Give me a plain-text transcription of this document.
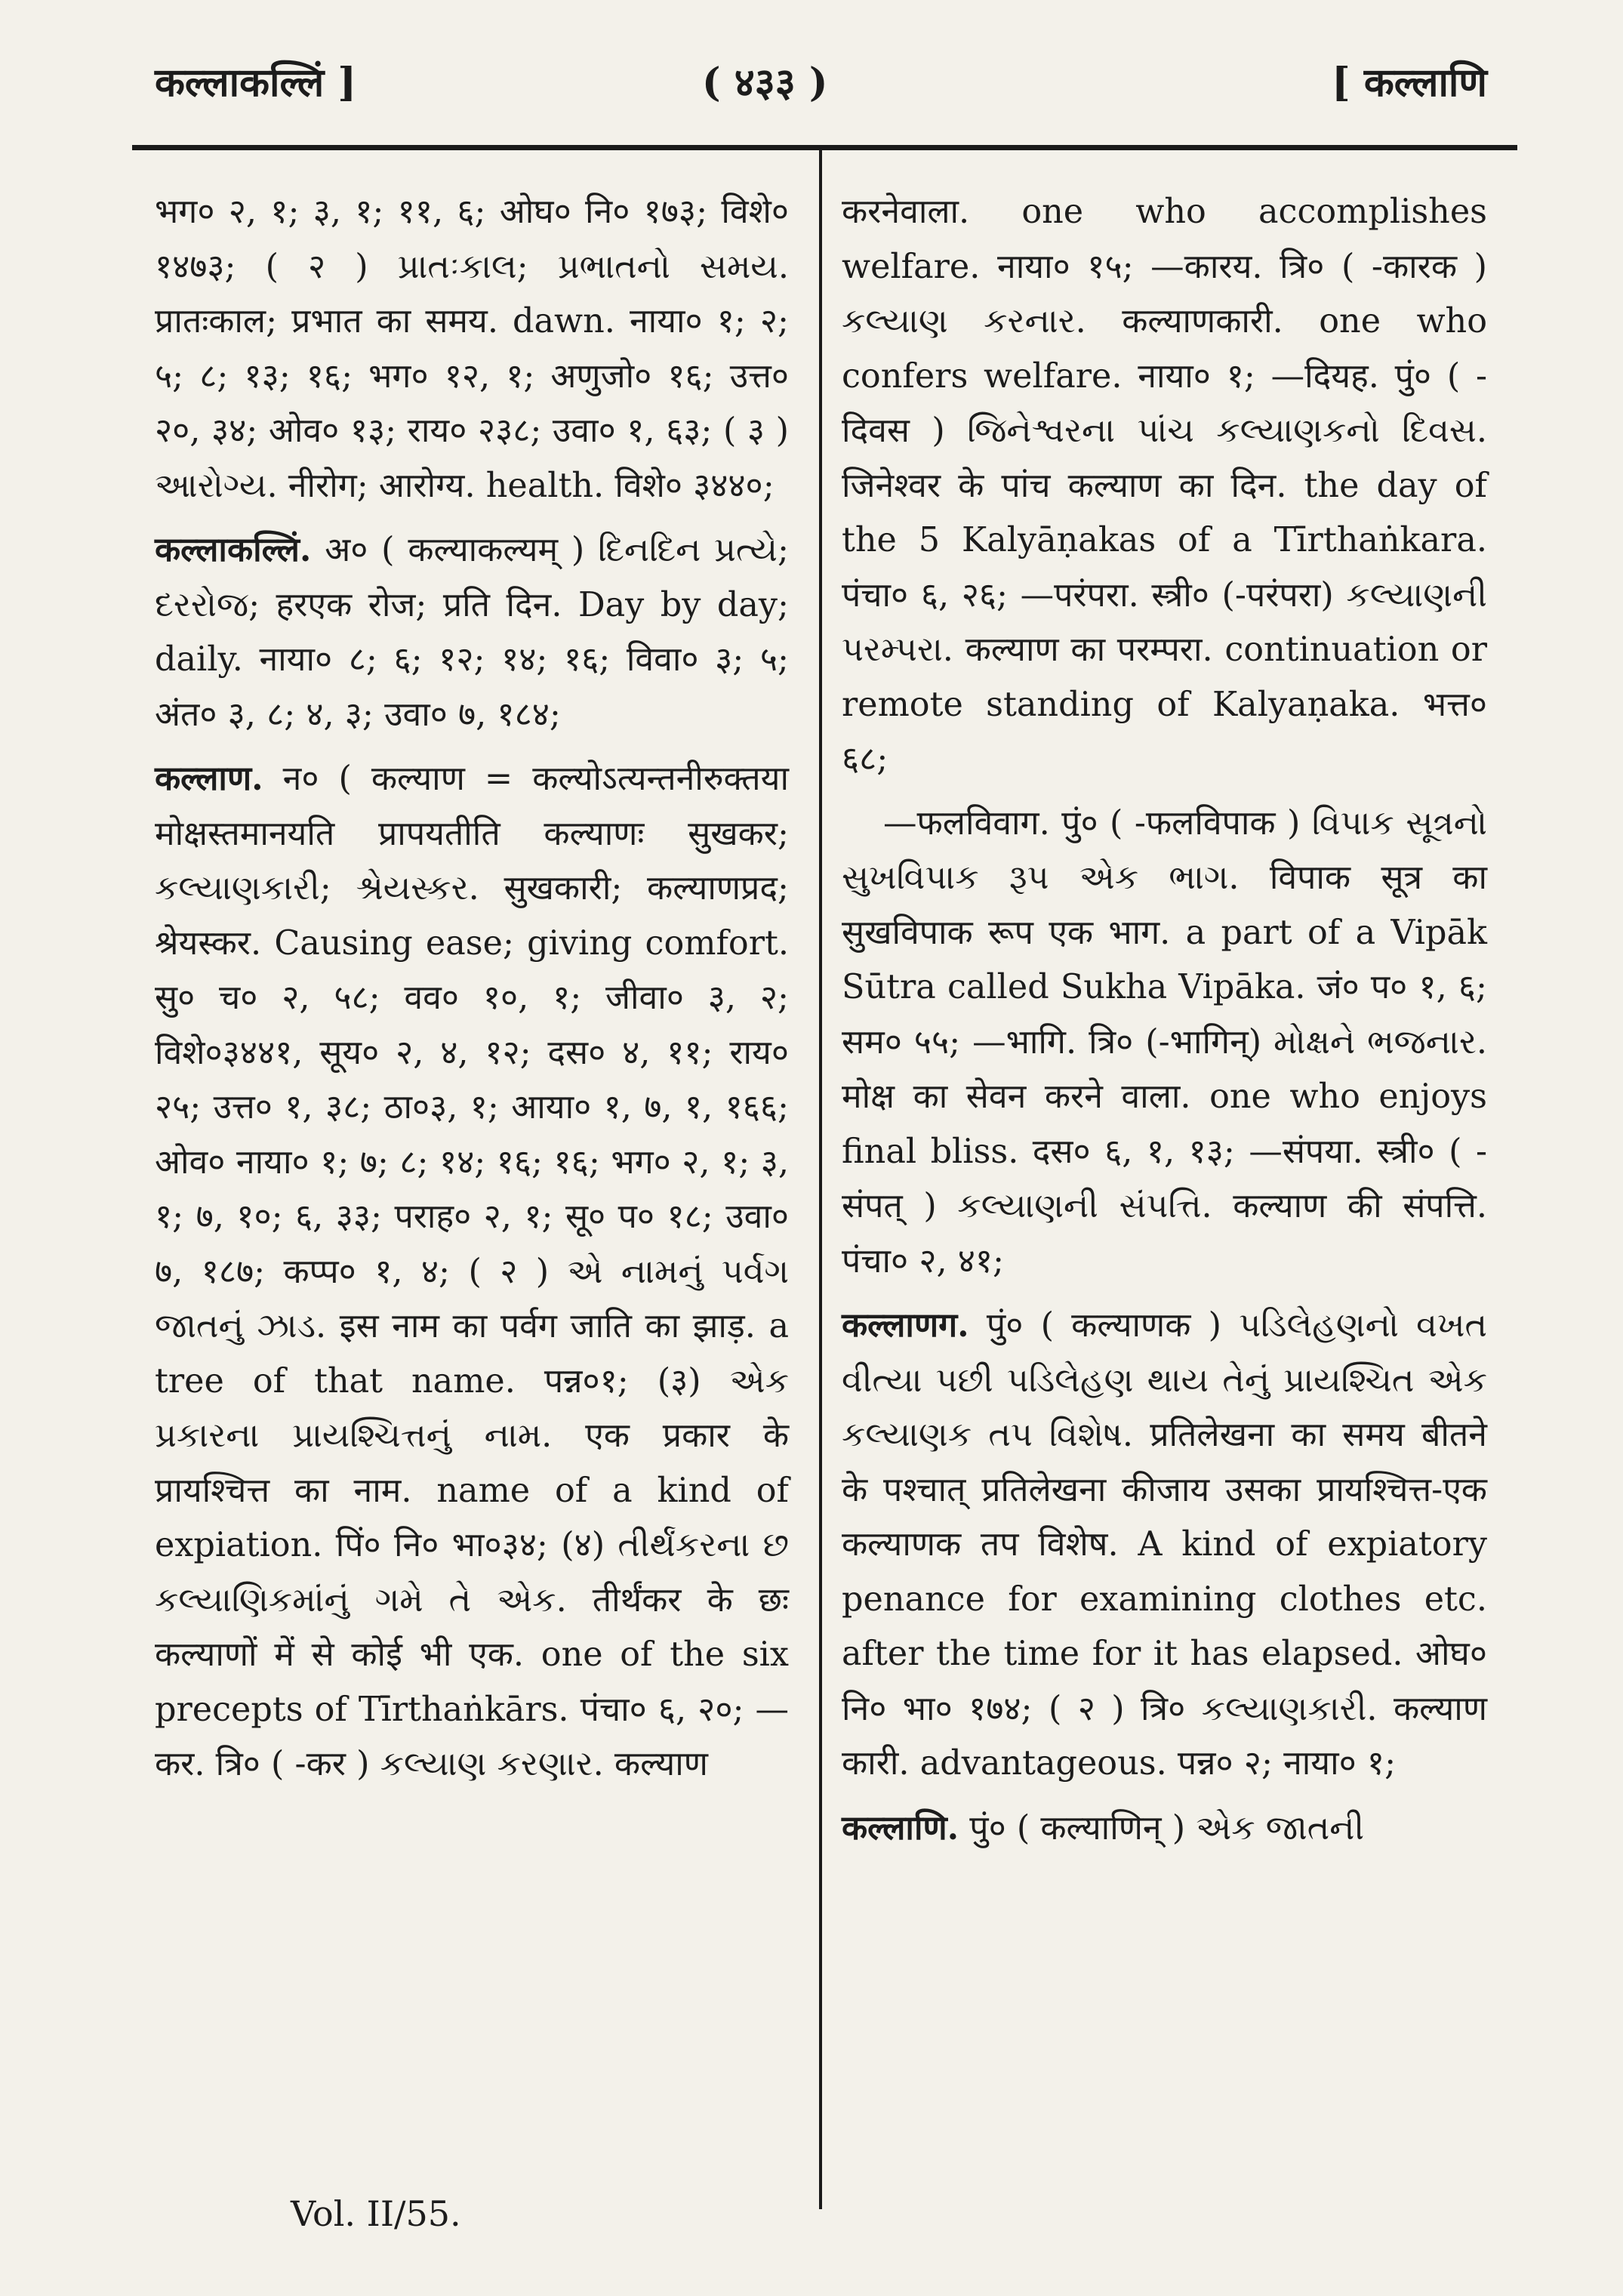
कल्लाकल्लिं ]	( ४३३ )	[ कल्लाणि

भग० २, १; ३, १; ११, ६; ओघ० नि० १७३; विशे० १४७३; ( २ ) પ્રાતઃકાલ; પ્રભાતનો સમય. प्रातःकाल; प्रभात का समय. dawn. नाया० १; २; ५; ८; १३; १६; भग० १२, १; अणुजो० १६; उत्त० २०, ३४; ओव० १३; राय० २३८; उवा० १, ६३; ( ३ ) આરોગ્ય. नीरोग; आरोग्य. health. विशे० ३४४०;

कल्लाकल्लिं. अ० ( कल्याकल्यम् ) દિનદિન પ્રત્યે; દરરોજ; हरएक रोज; प्रति दिन. Day by day; daily. नाया० ८; ६; १२; १४; १६; विवा० ३; ५; अंत० ३, ८; ४, ३; उवा० ७, १८४;

कल्लाण. न० ( कल्याण = कल्योऽत्यन्तनीरुक्तया मोक्षस्तमानयति प्रापयतीति कल्याणः सुखकर; કલ્યાણકારી; શ્રેયસ્કર. सुखकारी; कल्याणप्रद; श्रेयस्कर. Causing ease; giving comfort. सु० च० २, ५८; वव० १०, १; जीवा० ३, २; विशे०३४४१, सूय० २, ४, १२; दस० ४, ११; राय० २५; उत्त० १, ३८; ठा०३, १; आया० १, ७, १, १६६; ओव० नाया० १; ७; ८; १४; १६; १६; भग० २, १; ३, १; ७, १०; ६, ३३; पराह० २, १; सू० प० १८; उवा० ७, १८७; कप्प० १, ४; ( २ ) એ નામનું પર્વગ જાતનું ઝાડ. इस नाम का पर्वग जाति का झाड़. a tree of that name. पन्न०१; (३) એક પ્રકારના પ્રાયશ્ચિત્તનું નામ. एक प्रकार के प्रायश्चित्त का नाम. name of a kind of expiation. पिं० नि० भा०३४; (४) તીર્થંકરના છ કલ્યાણિકમાંનું ગમે તે એક. तीर्थंकर के छः कल्याणों में से कोई भी एक. one of the six precepts of Tīrthaṅkārs. पंचा० ६, २०; —कर. त्रि० ( -कर ) કલ્યાણ કરણાર. कल्याण

करनेवाला. one who accomplishes welfare. नाया० १५; —कारय. त्रि० ( -कारक ) કલ્યાણ કરનાર. कल्याणकारी. one who confers welfare. नाया० १; —दियह. पुं० ( -दिवस ) જિનેશ્વરના પાંચ કલ્યાણકનો દિવસ. जिनेश्वर के पांच कल्याण का दिन. the day of the 5 Kalyāṇakas of a Tīrthaṅkara. पंचा० ६, २६; —परंपरा. स्त्री० (-परंपरा) કલ્યાણની પરમ્પરા. कल्याण का परम्परा. continuation or remote standing of Kalyaṇaka. भत्त० ६८;

—फलविवाग. पुं० ( -फलविपाक ) વિપાક સૂત્રનો સુખવિપાક રૂપ એક ભાગ. विपाक सूत्र का सुखविपाक रूप एक भाग. a part of a Vipāk Sūtra called Sukha Vipāka. जं० प० १, ६; सम० ५५; —भागि. त्रि० (-भागिन्) મોક્ષને ભજનાર. मोक्ष का सेवन करने वाला. one who enjoys final bliss. दस० ६, १, १३; —संपया. स्त्री० ( -संपत् ) કલ્યાણની સંપત્તિ. कल्याण की संपत्ति. पंचा० २, ४१;

कल्लाणग. पुं० ( कल्याणक ) પડિલેહણનો વખત વીત્યા પછી પડિલેહણ થાય તેનું પ્રાયશ્ચિત એક કલ્યાણક તપ વિશેષ. प्रतिलेखना का समय बीतने के पश्चात् प्रतिलेखना कीजाय उसका प्रायश्चित्त-एक कल्याणक तप विशेष. A kind of expiatory penance for examining clothes etc. after the time for it has elapsed. ओघ० नि० भा० १७४; ( २ ) त्रि० કલ્યાણકારી. कल्याण कारी. advantageous. पन्न० २; नाया० १;

कल्लाणि. पुं० ( कल्याणिन् ) એક જાતની

Vol. II/55.
